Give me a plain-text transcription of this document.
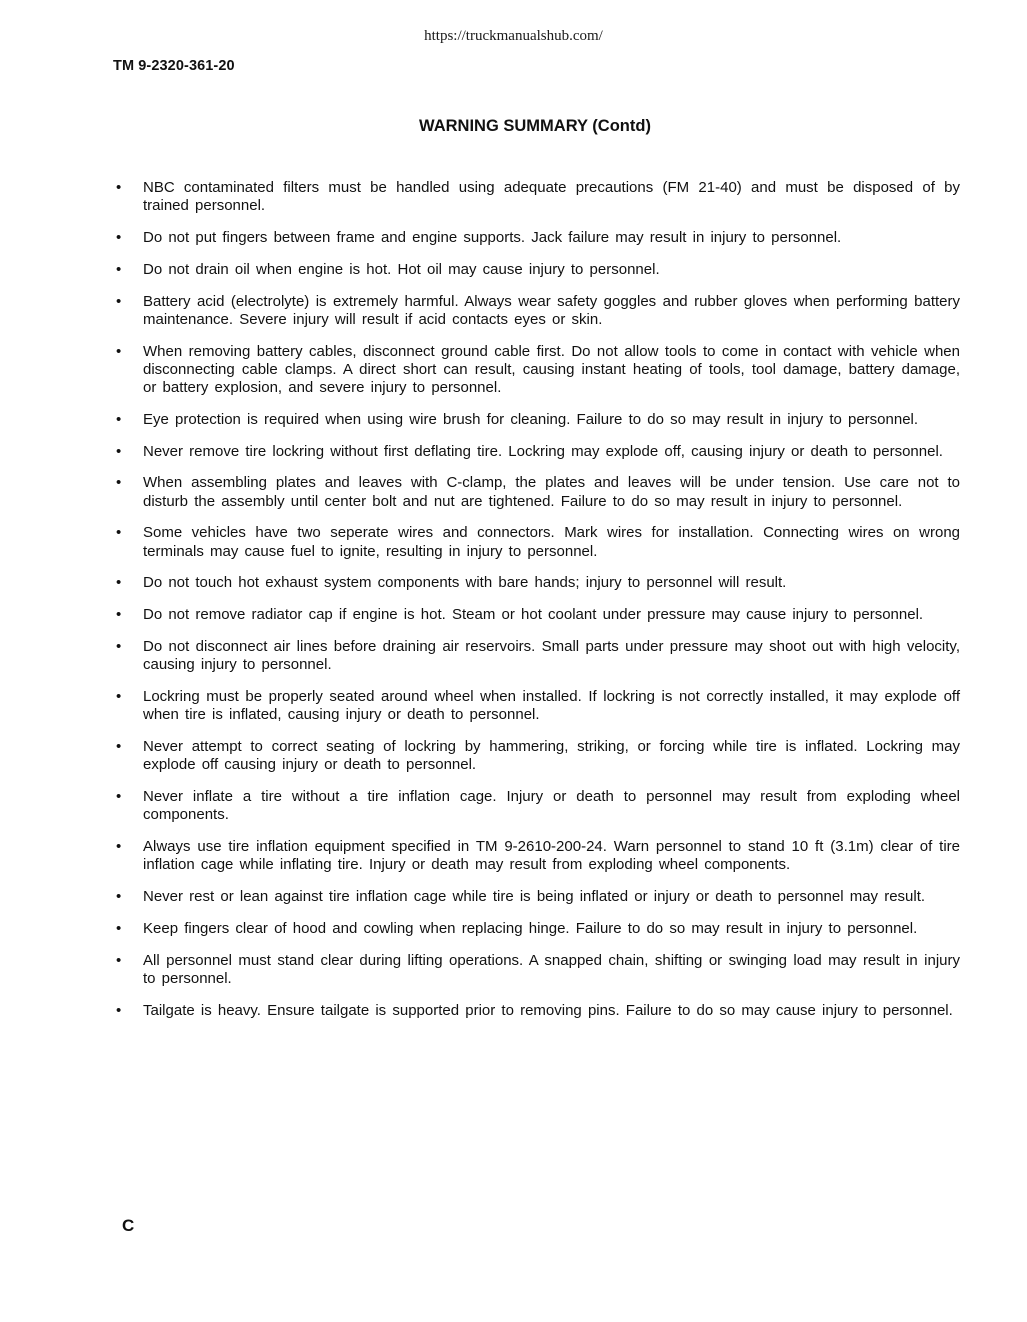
https://truckmanualshub.com/
TM 9-2320-361-20
WARNING SUMMARY (Contd)
• NBC contaminated filters must be handled using adequate precautions (FM 21-40) and must be disposed of by trained personnel.
• Do not put fingers between frame and engine supports. Jack failure may result in injury to personnel.
• Do not drain oil when engine is hot. Hot oil may cause injury to personnel.
• Battery acid (electrolyte) is extremely harmful. Always wear safety goggles and rubber gloves when performing battery maintenance. Severe injury will result if acid contacts eyes or skin.
• When removing battery cables, disconnect ground cable first. Do not allow tools to come in contact with vehicle when disconnecting cable clamps. A direct short can result, causing instant heating of tools, tool damage, battery damage, or battery explosion, and severe injury to personnel.
• Eye protection is required when using wire brush for cleaning. Failure to do so may result in injury to personnel.
• Never remove tire lockring without first deflating tire. Lockring may explode off, causing injury or death to personnel.
• When assembling plates and leaves with C-clamp, the plates and leaves will be under tension. Use care not to disturb the assembly until center bolt and nut are tightened. Failure to do so may result in injury to personnel.
• Some vehicles have two seperate wires and connectors. Mark wires for installation. Connecting wires on wrong terminals may cause fuel to ignite, resulting in injury to personnel.
• Do not touch hot exhaust system components with bare hands; injury to personnel will result.
• Do not remove radiator cap if engine is hot. Steam or hot coolant under pressure may cause injury to personnel.
• Do not disconnect air lines before draining air reservoirs. Small parts under pressure may shoot out with high velocity, causing injury to personnel.
• Lockring must be properly seated around wheel when installed. If lockring is not correctly installed, it may explode off when tire is inflated, causing injury or death to personnel.
• Never attempt to correct seating of lockring by hammering, striking, or forcing while tire is inflated. Lockring may explode off causing injury or death to personnel.
• Never inflate a tire without a tire inflation cage. Injury or death to personnel may result from exploding wheel components.
• Always use tire inflation equipment specified in TM 9-2610-200-24. Warn personnel to stand 10 ft (3.1m) clear of tire inflation cage while inflating tire. Injury or death may result from exploding wheel components.
• Never rest or lean against tire inflation cage while tire is being inflated or injury or death to personnel may result.
• Keep fingers clear of hood and cowling when replacing hinge. Failure to do so may result in injury to personnel.
• All personnel must stand clear during lifting operations. A snapped chain, shifting or swinging load may result in injury to personnel.
• Tailgate is heavy. Ensure tailgate is supported prior to removing pins. Failure to do so may cause injury to personnel.
C
